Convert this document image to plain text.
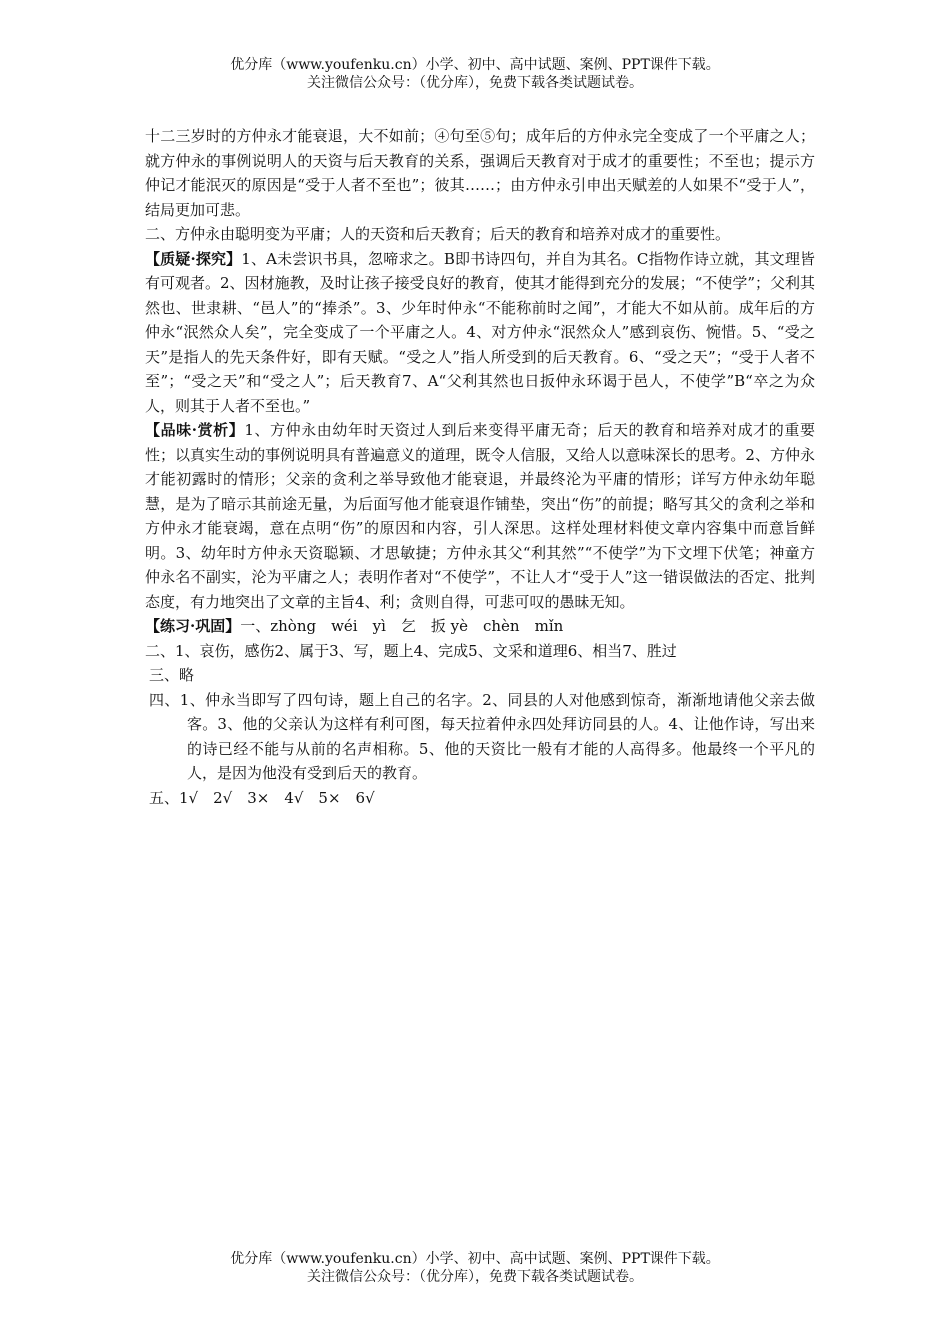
优分库（www.youfenku.cn）小学、初中、高中试题、案例、PPT课件下载。
关注微信公众号：（优分库），免费下载各类试题试卷。

十二三岁时的方仲永才能衰退，大不如前；④句至⑤句；成年后的方仲永完全变成了一个平庸之人；就方仲永的事例说明人的天资与后天教育的关系，强调后天教育对于成才的重要性；不至也；提示方仲记才能泯灭的原因是“受于人者不至也”；彼其……；由方仲永引申出天赋差的人如果不“受于人”，结局更加可悲。

二、方仲永由聪明变为平庸；人的天资和后天教育；后天的教育和培养对成才的重要性。

【质疑·探究】1、A未尝识书具，忽啼求之。B即书诗四句，并自为其名。C指物作诗立就，其文理皆有可观者。2、因材施教，及时让孩子接受良好的教育，使其才能得到充分的发展；“不使学”；父利其然也、世隶耕、“邑人”的“捧杀”。3、少年时仲永“不能称前时之闻”，才能大不如从前。成年后的方仲永“泯然众人矣”，完全变成了一个平庸之人。4、对方仲永“泯然众人”感到哀伤、惋惜。5、“受之天”是指人的先天条件好，即有天赋。“受之人”指人所受到的后天教育。6、“受之天”；“受于人者不至”；“受之天”和“受之人”；后天教育7、A“父利其然也日扳仲永环谒于邑人，不使学”B“卒之为众人，则其于人者不至也。”

【品味·赏析】1、方仲永由幼年时天资过人到后来变得平庸无奇；后天的教育和培养对成才的重要性；以真实生动的事例说明具有普遍意义的道理，既令人信服，又给人以意味深长的思考。2、方仲永才能初露时的情形；父亲的贪利之举导致他才能衰退，并最终沦为平庸的情形；详写方仲永幼年聪慧，是为了暗示其前途无量，为后面写他才能衰退作铺垫，突出“伤”的前提；略写其父的贪利之举和方仲永才能衰竭，意在点明“伤”的原因和内容，引人深思。这样处理材料使文章内容集中而意旨鲜明。3、幼年时方仲永天资聪颖、才思敏捷；方仲永其父“利其然”“不使学”为下文埋下伏笔；神童方仲永名不副实，沦为平庸之人；表明作者对“不使学”，不让人才“受于人”这一错误做法的否定、批判态度，有力地突出了文章的主旨4、利；贪则自得，可悲可叹的愚昧无知。

【练习·巩固】一、zhòng　wéi　yì　乞　扳 yè　chèn　mǐn

二、1、哀伤，感伤2、属于3、写，题上4、完成5、文采和道理6、相当7、胜过

三、略

四、1、仲永当即写了四句诗，题上自己的名字。2、同县的人对他感到惊奇，渐渐地请他父亲去做客。3、他的父亲认为这样有利可图，每天拉着仲永四处拜访同县的人。4、让他作诗，写出来的诗已经不能与从前的名声相称。5、他的天资比一般有才能的人高得多。他最终一个平凡的人，是因为他没有受到后天的教育。

五、1√　2√　3×　4√　5×　6√

优分库（www.youfenku.cn）小学、初中、高中试题、案例、PPT课件下载。
关注微信公众号：（优分库），免费下载各类试题试卷。
